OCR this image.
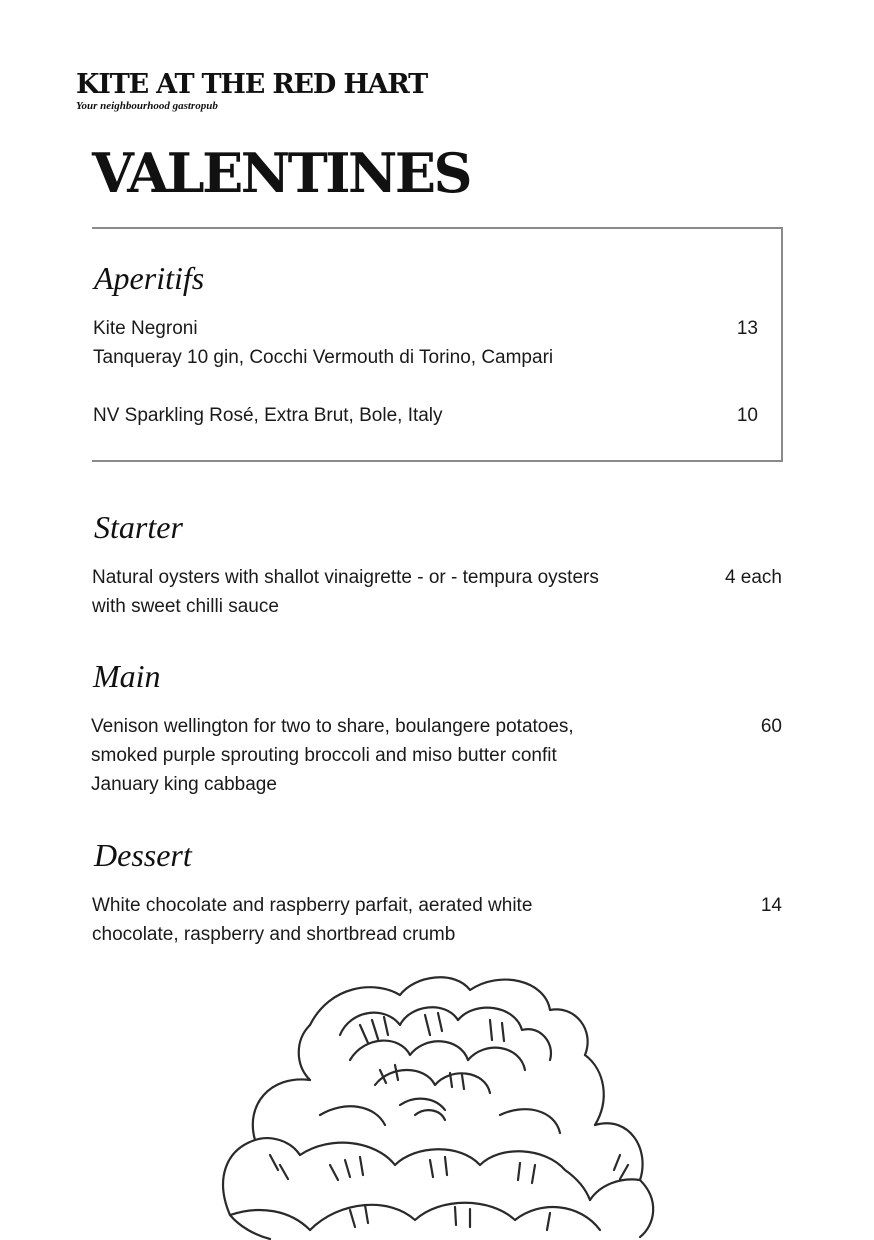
KITE AT THE RED HART
Your neighbourhood gastropub
VALENTINES
Aperitifs
Kite Negroni	13
Tanqueray 10 gin, Cocchi Vermouth di Torino, Campari
NV Sparkling Rosé, Extra Brut, Bole, Italy	10
Starter
Natural oysters with shallot vinaigrette - or - tempura oysters
with sweet chilli sauce
4 each
Main
Venison wellington for two to share, boulangere potatoes,
smoked purple sprouting broccoli and miso butter confit
January king cabbage
60
Dessert
White chocolate and raspberry parfait, aerated white
chocolate, raspberry and shortbread crumb
14
